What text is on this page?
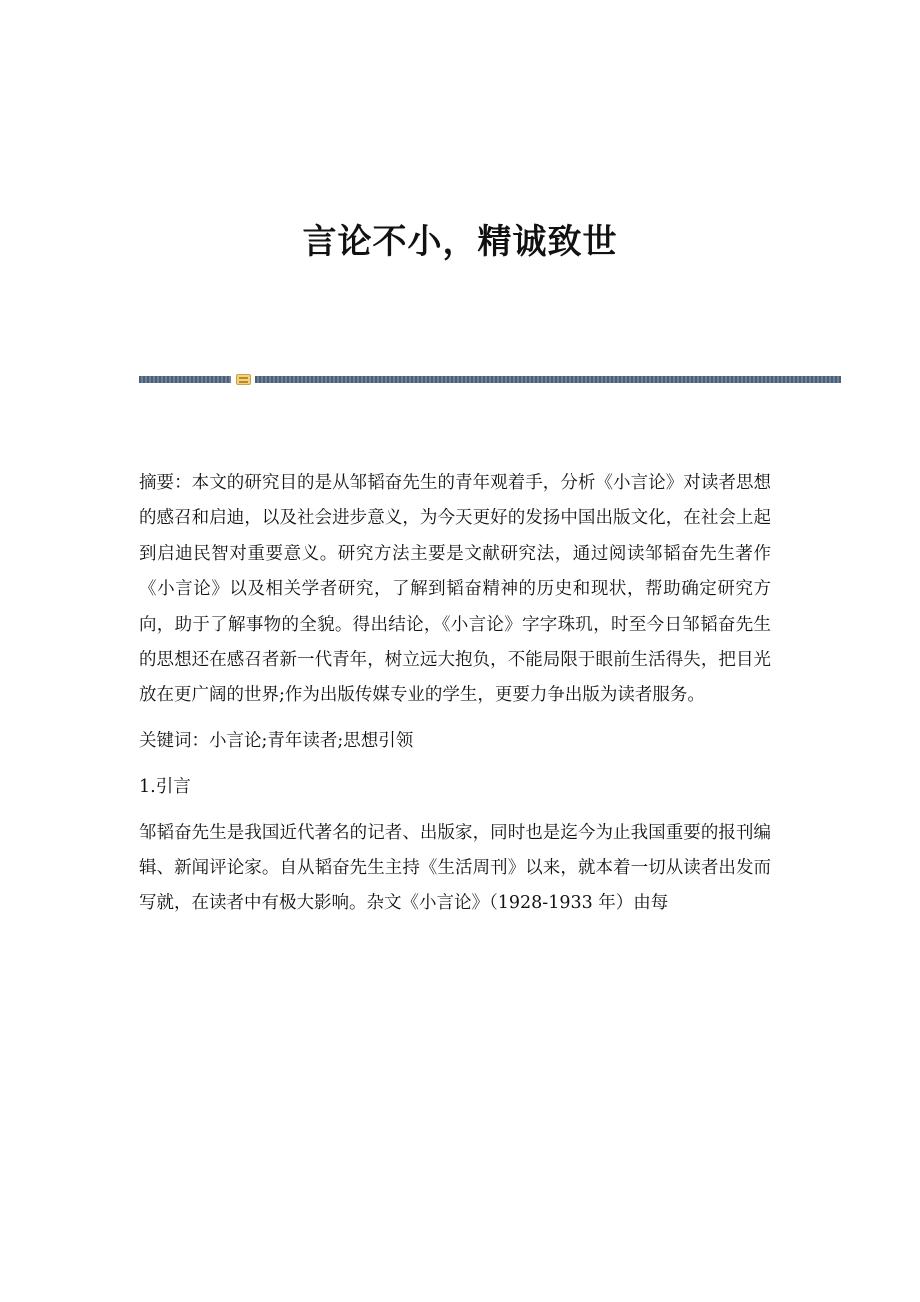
言论不小，精诚致世

摘要：本文的研究目的是从邹韬奋先生的青年观着手，分析《小言论》对读者思想的感召和启迪，以及社会进步意义，为今天更好的发扬中国出版文化，在社会上起到启迪民智对重要意义。研究方法主要是文献研究法，通过阅读邹韬奋先生著作《小言论》以及相关学者研究，了解到韬奋精神的历史和现状，帮助确定研究方向，助于了解事物的全貌。得出结论，《小言论》字字珠玑，时至今日邹韬奋先生的思想还在感召者新一代青年，树立远大抱负，不能局限于眼前生活得失，把目光放在更广阔的世界;作为出版传媒专业的学生，更要力争出版为读者服务。

关键词：小言论;青年读者;思想引领

1.引言

邹韬奋先生是我国近代著名的记者、出版家，同时也是迄今为止我国重要的报刊编辑、新闻评论家。自从韬奋先生主持《生活周刊》以来，就本着一切从读者出发而写就，在读者中有极大影响。杂文《小言论》（1928-1933 年）由每
